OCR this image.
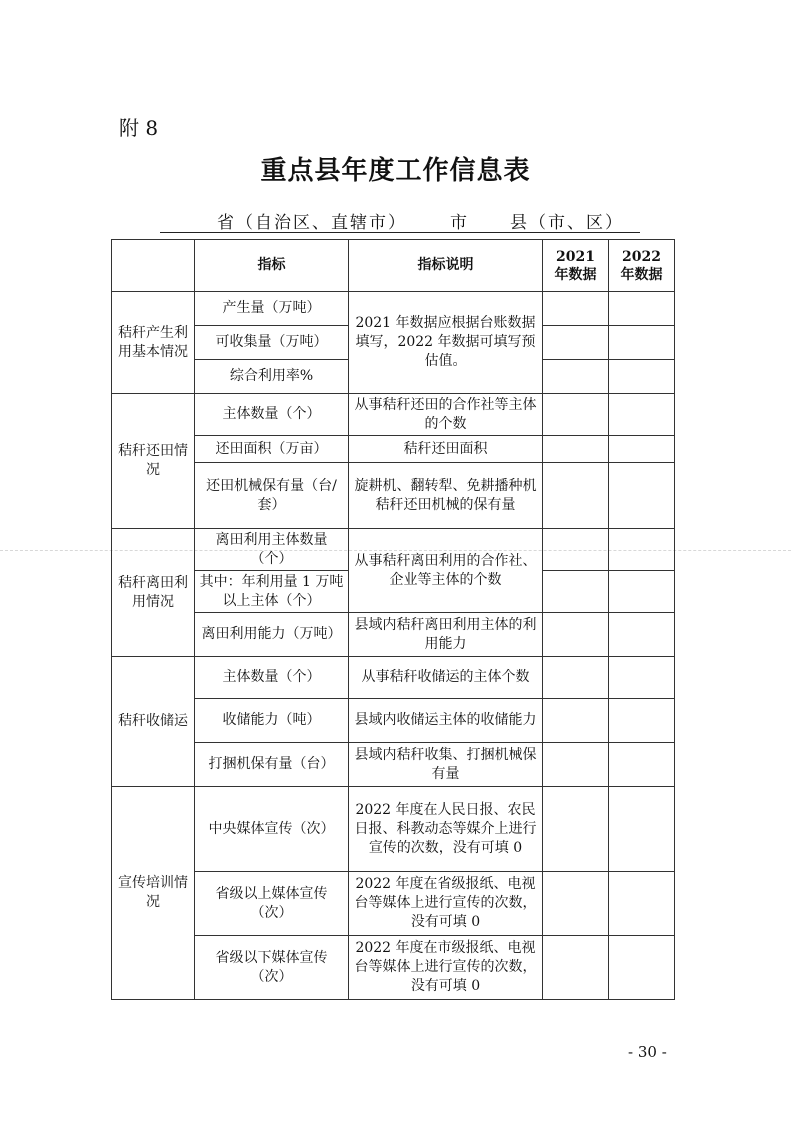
附 8
重点县年度工作信息表
省（自治区、直辖市）	市 县（市、区）
	指标	指标说明	2021 年数据	2022 年数据
秸秆产生利用基本情况	产生量（万吨）	2021 年数据应根据台账数据填写，2022 年数据可填写预估值。		
	可收集量（万吨）			
	综合利用率%			
秸秆还田情况	主体数量（个）	从事秸秆还田的合作社等主体的个数		
	还田面积（万亩）	秸秆还田面积		
	还田机械保有量（台/套）	旋耕机、翻转犁、免耕播种机秸秆还田机械的保有量		
秸秆离田利用情况	离田利用主体数量（个）	从事秸秆离田利用的合作社、企业等主体的个数		
	其中：年利用量 1 万吨以上主体（个）			
	离田利用能力（万吨）	县域内秸秆离田利用主体的利用能力		
秸秆收储运	主体数量（个）	从事秸秆收储运的主体个数		
	收储能力（吨）	县域内收储运主体的收储能力		
	打捆机保有量（台）	县域内秸秆收集、打捆机械保有量		
宣传培训情况	中央媒体宣传（次）	2022 年度在人民日报、农民日报、科教动态等媒介上进行宣传的次数，没有可填 0		
	省级以上媒体宣传（次）	2022 年度在省级报纸、电视台等媒体上进行宣传的次数，没有可填 0		
	省级以下媒体宣传（次）	2022 年度在市级报纸、电视台等媒体上进行宣传的次数，没有可填 0		
- 30 -
